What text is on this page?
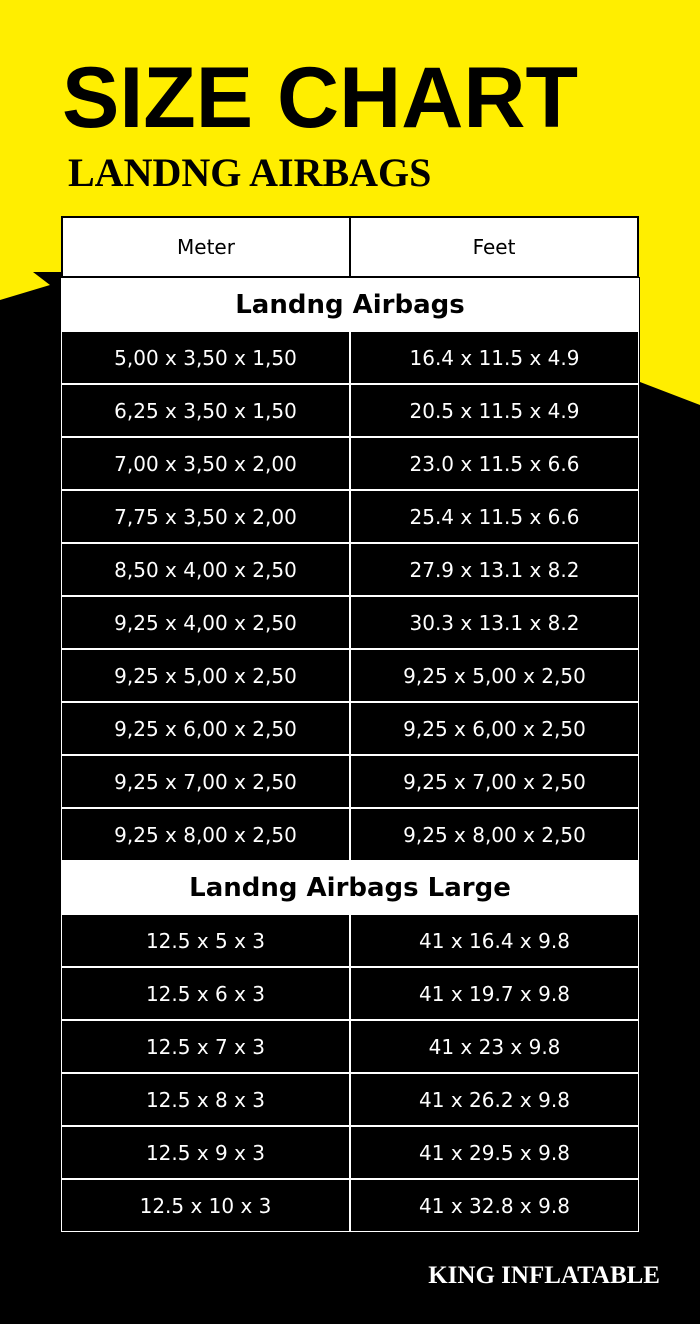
SIZE CHART
LANDNG AIRBAGS
Meter	Feet
Landng Airbags
5,00 x 3,50 x 1,50	16.4 x 11.5 x 4.9
6,25 x 3,50 x 1,50	20.5 x 11.5 x 4.9
7,00 x 3,50 x 2,00	23.0 x 11.5 x 6.6
7,75 x 3,50 x 2,00	25.4 x 11.5 x 6.6
8,50 x 4,00 x 2,50	27.9 x 13.1 x 8.2
9,25 x 4,00 x 2,50	30.3 x 13.1 x 8.2
9,25 x 5,00 x 2,50	9,25 x 5,00 x 2,50
9,25 x 6,00 x 2,50	9,25 x 6,00 x 2,50
9,25 x 7,00 x 2,50	9,25 x 7,00 x 2,50
9,25 x 8,00 x 2,50	9,25 x 8,00 x 2,50
Landng Airbags Large
12.5 x 5 x 3	41 x 16.4 x 9.8
12.5 x 6 x 3	41 x 19.7 x 9.8
12.5 x 7 x 3	41 x 23 x 9.8
12.5 x 8 x 3	41 x 26.2 x 9.8
12.5 x 9 x 3	41 x 29.5 x 9.8
12.5 x 10 x 3	41 x 32.8 x 9.8

KING INFLATABLE
